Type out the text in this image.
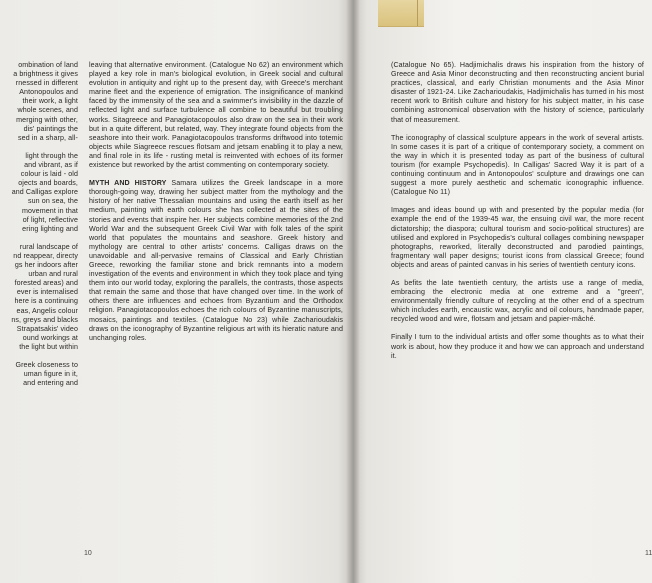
ombination of land
a brightness it gives
rnessed in different
Antonopoulos and
their work, a light
whole scenes, and
merging with other,
dis' paintings the
sed in a sharp, all-
light through the
and vibrant, as if
colour is laid - old
ojects and boards,
and Calligas explore
sun on sea, the
movement in that
of light, reflective
ering lighting and
rural landscape of
nd reappear, directy
gs her indoors after
urban and rural
forested areas) and
ever is internalised
here is a continuing
eas, Angelis colour
ns, greys and blacks
Strapatsakis' video
ound workings at
the light but within
Greek closeness to
uman figure in it,
and entering and

leaving that alternative environment. (Catalogue No 62) an environment which played a key role in man's biological evolution, in Greek social and cultural evolution in antiquity and right up to the present day, with Greece's merchant marine fleet and the experience of emigration. The insignificance of mankind faced by the immensity of the sea and a swimmer's invisibility in the dazzle of reflected light and surface turbulence all combine to beautiful but troubling works. Sitagreece and Panagiotacopoulos also draw on the sea in their work but in a quite different, but related, way. They integrate found objects from the seashore into their work. Panagiotacopoulos transforms driftwood into totemic objects while Siagreece rescues flotsam and jetsam enabling it to play a new, and final role in its life - rusting metal is reinvented with echoes of its former existence but reworked by the artist commenting on contemporary society.

MYTH AND HISTORY Samara utilizes the Greek landscape in a more thorough-going way, drawing her subject matter from the mythology and the history of her native Thessalian mountains and using the earth itself as her medium, painting with earth colours she has collected at the sites of the stories and events that inspire her. Her subjects combine memories of the 2nd World War and the subsequent Greek Civil War with folk tales of the spirit world that populates the mountains and seashore. Greek history and mythology are central to other artists' concerns. Calligas draws on the unavoidable and all-pervasive remains of Classical and Early Christian Greece, reworking the familiar stone and brick remnants into a modern investigation of the events and environment in which they took place and tying them into our world today, exploring the parallels, the contrasts, those aspects that remain the same and those that have changed over time. In the work of others there are influences and echoes from Byzantium and the Orthodox religion. Panagiotacopoulos echoes the rich colours of Byzantine manuscripts, mosaics, paintings and textiles. (Catalogue No 23) while Zacharioudakis draws on the iconography of Byzantine religious art with its hieratic nature and unchanging roles.

10

(Catalogue No 65). Hadjimichalis draws his inspiration from the history of Greece and Asia Minor deconstructing and then reconstructing ancient burial practices, classical, and early Christian monuments and the Asia Minor disaster of 1921-24. Like Zacharioudakis, Hadjimichalis has turned in his most recent work to British culture and history for his subject matter, in his case combining astronomical observation with the history of science, particularly that of measurement.

The iconography of classical sculpture appears in the work of several artists. In some cases it is part of a critique of contemporary society, a comment on the way in which it is presented today as part of the business of cultural tourism (for example Psychopedis). In Calligas' Sacred Way it is part of a continuing continuum and in Antonopoulos' sculpture and drawings one can suggest a more purely aesthetic and schematic iconographic influence. (Catalogue No 11)

Images and ideas bound up with and presented by the popular media (for example the end of the 1939-45 war, the ensuing civil war, the more recent dictatorship; the diaspora; cultural tourism and socio-political structures) are utilised and explored in Psychopedis's cultural collages combining newspaper photographs, reworked, literally deconstructed and parodied paintings, fragmentary wall paper designs; tourist icons from classical Greece; found objects and areas of painted canvas in his series of twentieth century icons.

As befits the late twentieth century, the artists use a range of media, embracing the electronic media at one extreme and a "green", environmentally friendly culture of recycling at the other end of a spectrum which includes earth, encaustic wax, acrylic and oil colours, handmade paper, recycled wood and wire, flotsam and jetsam and papier-mâché.

Finally I turn to the individual artists and offer some thoughts as to what their work is about, how they produce it and how we can approach and understand it.

11
